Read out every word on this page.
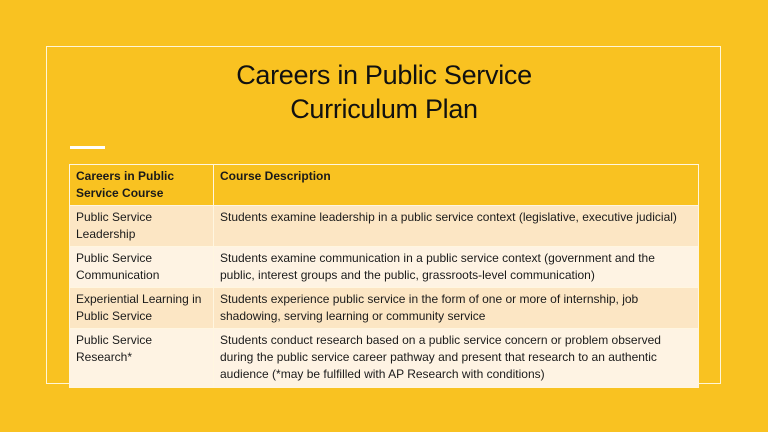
Careers in Public Service
Curriculum Plan
Careers in Public Service Course	Course Description
Public Service Leadership	Students examine leadership in a public service context (legislative, executive judicial)
Public Service Communication	Students examine communication in a public service context (government and the public, interest groups and the public, grassroots-level communication)
Experiential Learning in Public Service	Students experience public service in the form of one or more of internship, job shadowing, serving learning or community service
Public Service Research*	Students conduct research based on a public service concern or problem observed during the public service career pathway and present that research to an authentic audience (*may be fulfilled with AP Research with conditions)
